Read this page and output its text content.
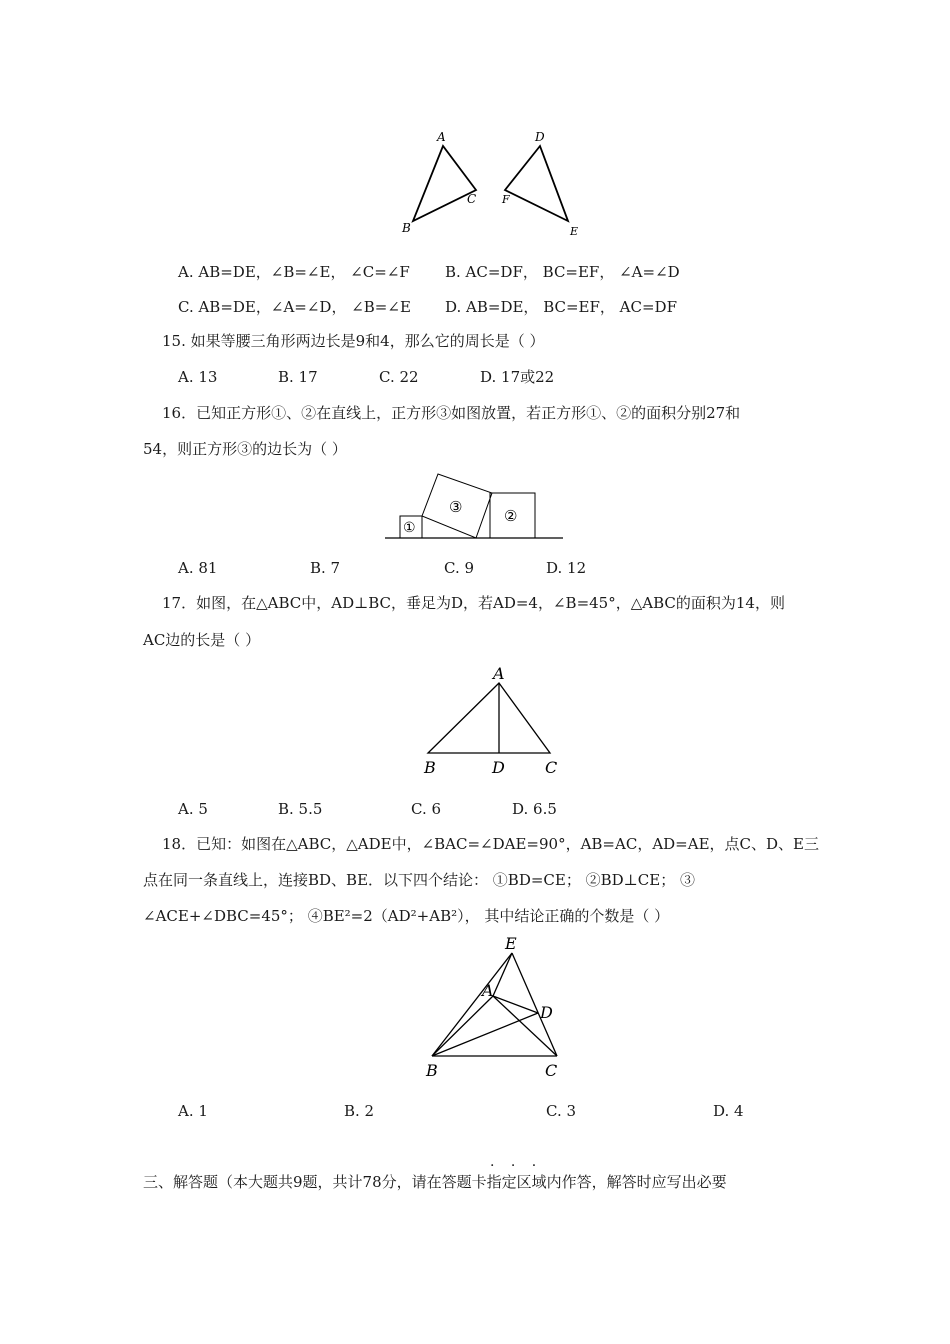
A
B
C
D
F
E
A. AB=DE，∠B=∠E， ∠C=∠F B. AC=DF， BC=EF， ∠A=∠D
C. AB=DE，∠A=∠D， ∠B=∠E D. AB=DE， BC=EF， AC=DF
15. 如果等腰三角形两边长是9和4，那么它的周长是（ ）
A. 13	B. 17	C. 22	D. 17或22
16．已知正方形①、②在直线上，正方形③如图放置，若正方形①、②的面积分别27和
54，则正方形③的边长为（ ）
①
②
③
A. 81	B. 7	C. 9	D. 12
17．如图，在△ABC中，AD⊥BC，垂足为D，若AD=4，∠B=45°，△ABC的面积为14，则
AC边的长是（ ）
A
B	D	C
A. 5	B. 5.5	C. 6	D. 6.5
18．已知：如图在△ABC，△ADE中，∠BAC=∠DAE=90°，AB=AC，AD=AE，点C、D、E三
点在同一条直线上，连接BD、BE．以下四个结论： ①BD=CE； ②BD⊥CE； ③
∠ACE+∠DBC=45°； ④BE²=2（AD²+AB²）， 其中结论正确的个数是（ ）
E
A
D
B	C
A. 1	B. 2	C. 3	D. 4
· · ·
三、解答题（本大题共9题，共计78分，请在答题卡指定区域内作答，解答时应写出必要
